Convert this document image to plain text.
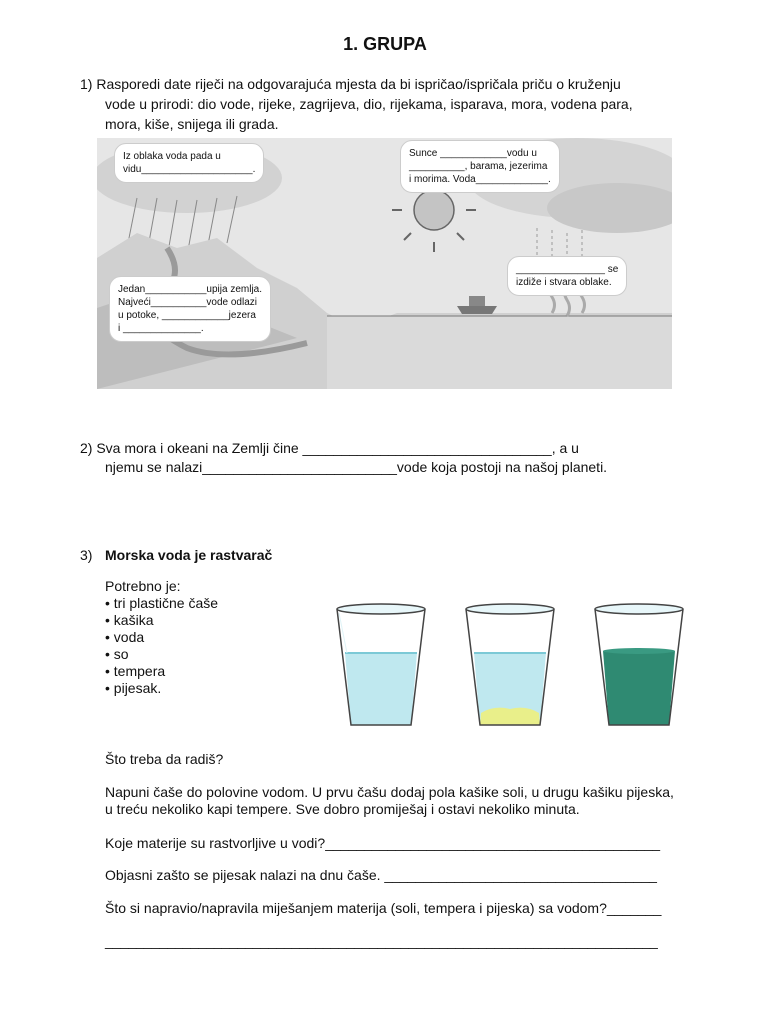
1. GRUPA
1) Rasporedi date riječi na odgovarajuća mjesta da bi ispričao/ispričala priču o kruženju
vode u prirodi: dio vode, rijeke, zagrijeva, dio, rijekama, isparava, mora, vodena para,
mora, kiše, snijega ili grada.
Iz oblaka voda pada u
vidu____________________.
Sunce ____________vodu u
__________, barama, jezerima
i morima. Voda_____________.
________________ se
izdiže i stvara oblake.
Jedan___________upija zemlja.
Najveći__________vode odlazi
u potoke, ____________jezera
i ______________.
2) Sva mora i okeani na Zemlji čine ________________________________, a u
njemu se nalazi_________________________vode koja postoji na našoj planeti.
3) Morska voda je rastvarač
Potrebno je:
• tri plastične čaše
• kašika
• voda
• so
• tempera
• pijesak.
Što treba da radiš?
Napuni čaše do polovine vodom. U prvu čašu dodaj pola kašike soli, u drugu kašiku pijeska,
u treću nekoliko kapi tempere. Sve dobro promiješaj i ostavi nekoliko minuta.
Koje materije su rastvorljive u vodi?___________________________________________
Objasni zašto se pijesak nalazi na dnu čaše. ___________________________________
Što si napravio/napravila miješanjem materija (soli, tempera i pijeska) sa vodom?_______
_______________________________________________________________________
